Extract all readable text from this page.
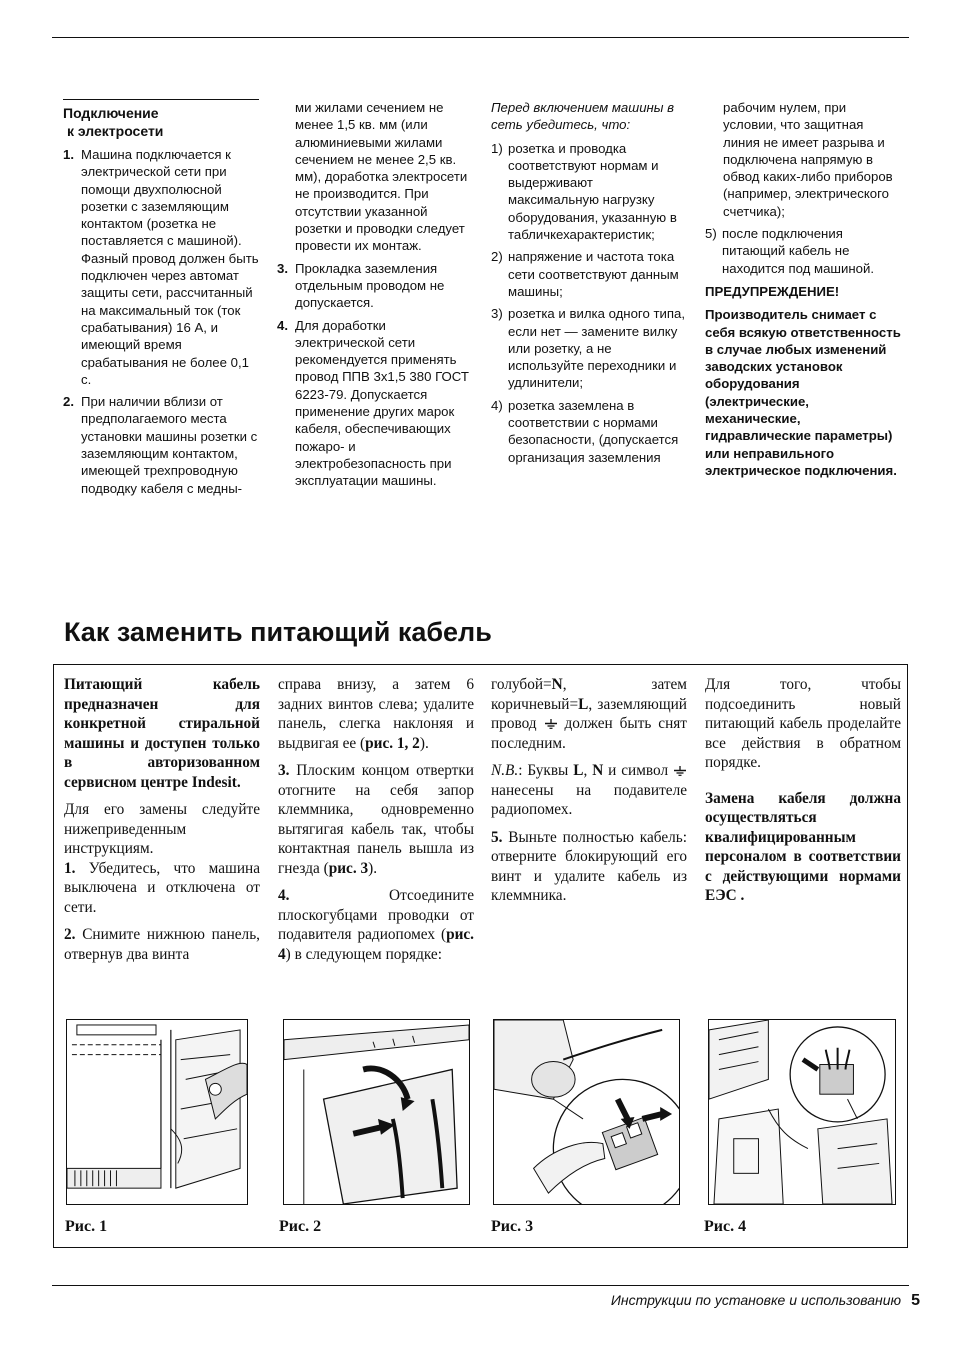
Подключение
к электросети
1. Машина подключается к электрической сети при помощи двухполюсной розетки с заземляющим контактом (розетка не поставляется с машиной). Фазный провод должен быть подключен через автомат защиты сети, рассчитанный на максимальный ток (ток срабатывания) 16 А, и имеющий время срабатывания не более 0,1 с.
2. При наличии вблизи от предполагаемого места установки машины розетки с заземляющим контактом, имеющей трехпроводную подводку кабеля с медны-
ми жилами сечением не менее 1,5 кв. мм (или алюминиевыми жилами сечением не менее 2,5 кв. мм), доработка электросети не производится. При отсутствии указанной розетки и проводки следует провести их монтаж.
3. Прокладка заземления отдельным проводом не допускается.
4. Для доработки электрической сети рекомендуется применять провод ППВ 3х1,5 380 ГОСТ 6223-79. Допускается применение других марок кабеля, обеспечивающих пожаро- и электробезопасность при эксплуатации машины.
Перед включением машины в сеть убедитесь, что:
1) розетка и проводка соответствуют нормам и выдерживают максимальную нагрузку оборудования, указанную в табличкехарактеристик;
2) напряжение и частота тока сети соответствуют данным машины;
3) розетка и вилка одного типа, если нет — замените вилку или розетку, а не используйте переходники и удлинители;
4) розетка заземлена в соответствии с нормами безопасности, (допускается организация заземления
рабочим нулем, при условии, что защитная линия не имеет разрыва и подключена напрямую в обвод каких-либо приборов (например, электрического счетчика);
5) после подключения питающий кабель не находится под машиной.
ПРЕДУПРЕЖДЕНИЕ!
Производитель снимает с себя всякую ответственность в случае любых изменений заводских установок оборудования (электрические, механические, гидравлические параметры) или неправильного электрическое подключения.
Как заменить питающий кабель

Питающий кабель предназначен для конкретной стиральной машины и доступен только в авторизованном сервисном центре Indesit.

Для его замены следуйте нижеприведенным инструкциям.

1. Убедитесь, что машина выключена и отключена от сети.

2. Снимите нижнюю панель, отвернув два винта

справа внизу, а затем 6 задних винтов слева; удалите панель, слегка наклоняя и выдвигая ее (рис. 1, 2).

3. Плоским концом отвертки отогните на себя запор клеммника, одновременно вытягигая кабель так, чтобы контактная панель вышла из гнезда (рис. 3).

4. Отсоедините плоскогубцами проводки от подавителя радиопомех (рис. 4) в следующем порядке:

голубой=N, затем коричневый=L, заземляющий провод  должен быть снят последним.

N.B.: Буквы L, N и символ  нанесены на подавителе радиопомех.

5. Выньте полностью кабель: отверните блокирующий его винт и удалите кабель из клеммника.

Для того, чтобы подсоединить новый питающий кабель проделайте все действия в обратном порядке.

Замена кабеля должна осуществляться квалифицированным персоналом в соответствии с действующими нормами ЕЭС .

Рис. 1	Рис. 2	Рис. 3	Рис. 4
Инструкции по установке и использованию 5
